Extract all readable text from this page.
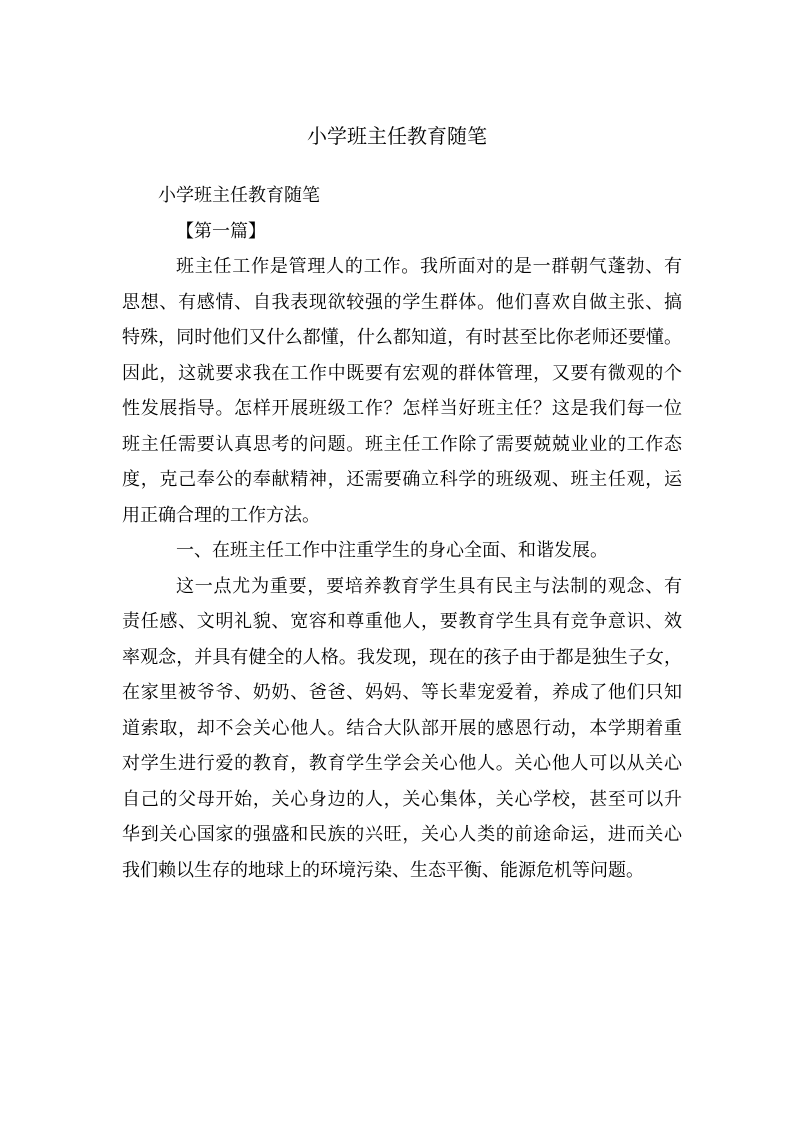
小学班主任教育随笔
小学班主任教育随笔
【第一篇】
班主任工作是管理人的工作。我所面对的是一群朝气蓬勃、有
思想、有感情、自我表现欲较强的学生群体。他们喜欢自做主张、搞
特殊，同时他们又什么都懂，什么都知道，有时甚至比你老师还要懂。
因此，这就要求我在工作中既要有宏观的群体管理，又要有微观的个
性发展指导。怎样开展班级工作？怎样当好班主任？这是我们每一位
班主任需要认真思考的问题。班主任工作除了需要兢兢业业的工作态
度，克己奉公的奉献精神，还需要确立科学的班级观、班主任观，运
用正确合理的工作方法。
一、在班主任工作中注重学生的身心全面、和谐发展。
这一点尤为重要，要培养教育学生具有民主与法制的观念、有
责任感、文明礼貌、宽容和尊重他人，要教育学生具有竞争意识、效
率观念，并具有健全的人格。我发现，现在的孩子由于都是独生子女，
在家里被爷爷、奶奶、爸爸、妈妈、等长辈宠爱着，养成了他们只知
道索取，却不会关心他人。结合大队部开展的感恩行动，本学期着重
对学生进行爱的教育，教育学生学会关心他人。关心他人可以从关心
自己的父母开始，关心身边的人，关心集体，关心学校，甚至可以升
华到关心国家的强盛和民族的兴旺，关心人类的前途命运，进而关心
我们赖以生存的地球上的环境污染、生态平衡、能源危机等问题。
